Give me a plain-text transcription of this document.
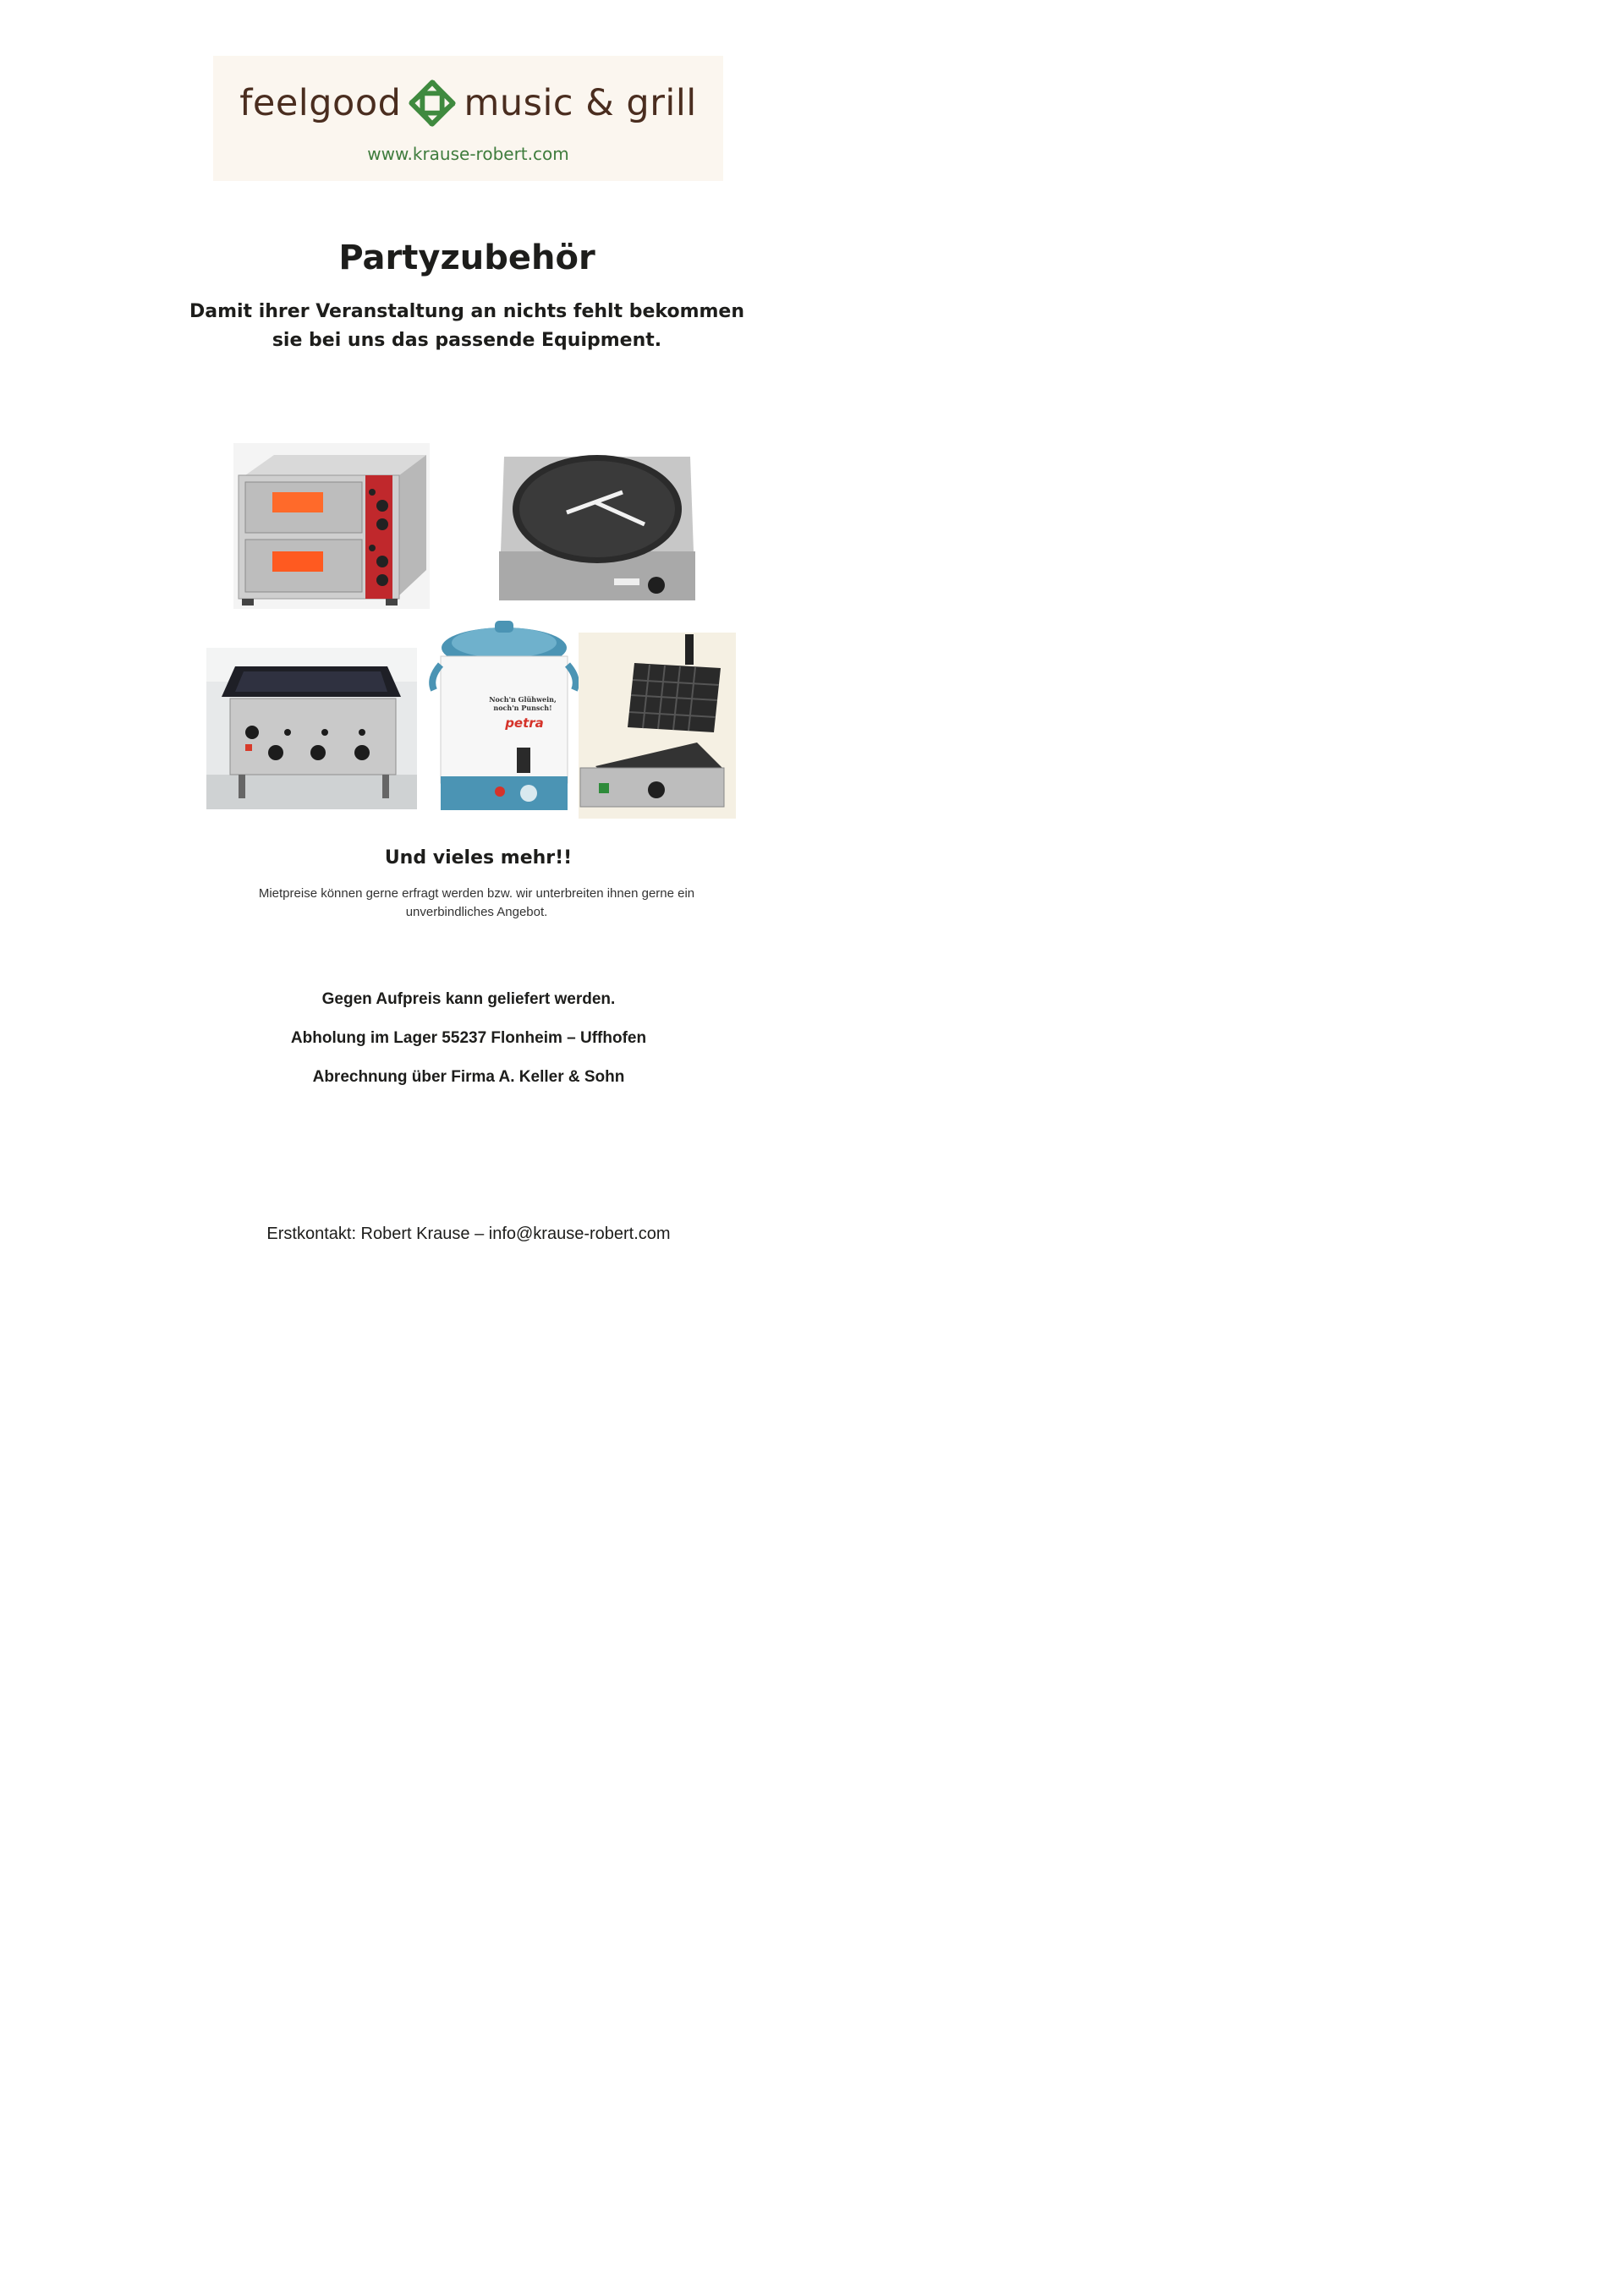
feelgood music & grill
www.krause-robert.com
Partyzubehör
Damit ihrer Veranstaltung an nichts fehlt bekommen
sie bei uns das passende Equipment.
Noch'n Glühwein,
noch'n Punsch!
petra
Und vieles mehr!!
Mietpreise können gerne erfragt werden bzw. wir unterbreiten ihnen gerne ein
unverbindliches Angebot.
Gegen Aufpreis kann geliefert werden.
Abholung im Lager 55237 Flonheim – Uffhofen
Abrechnung über Firma A. Keller & Sohn
Erstkontakt: Robert Krause – info@krause-robert.com
